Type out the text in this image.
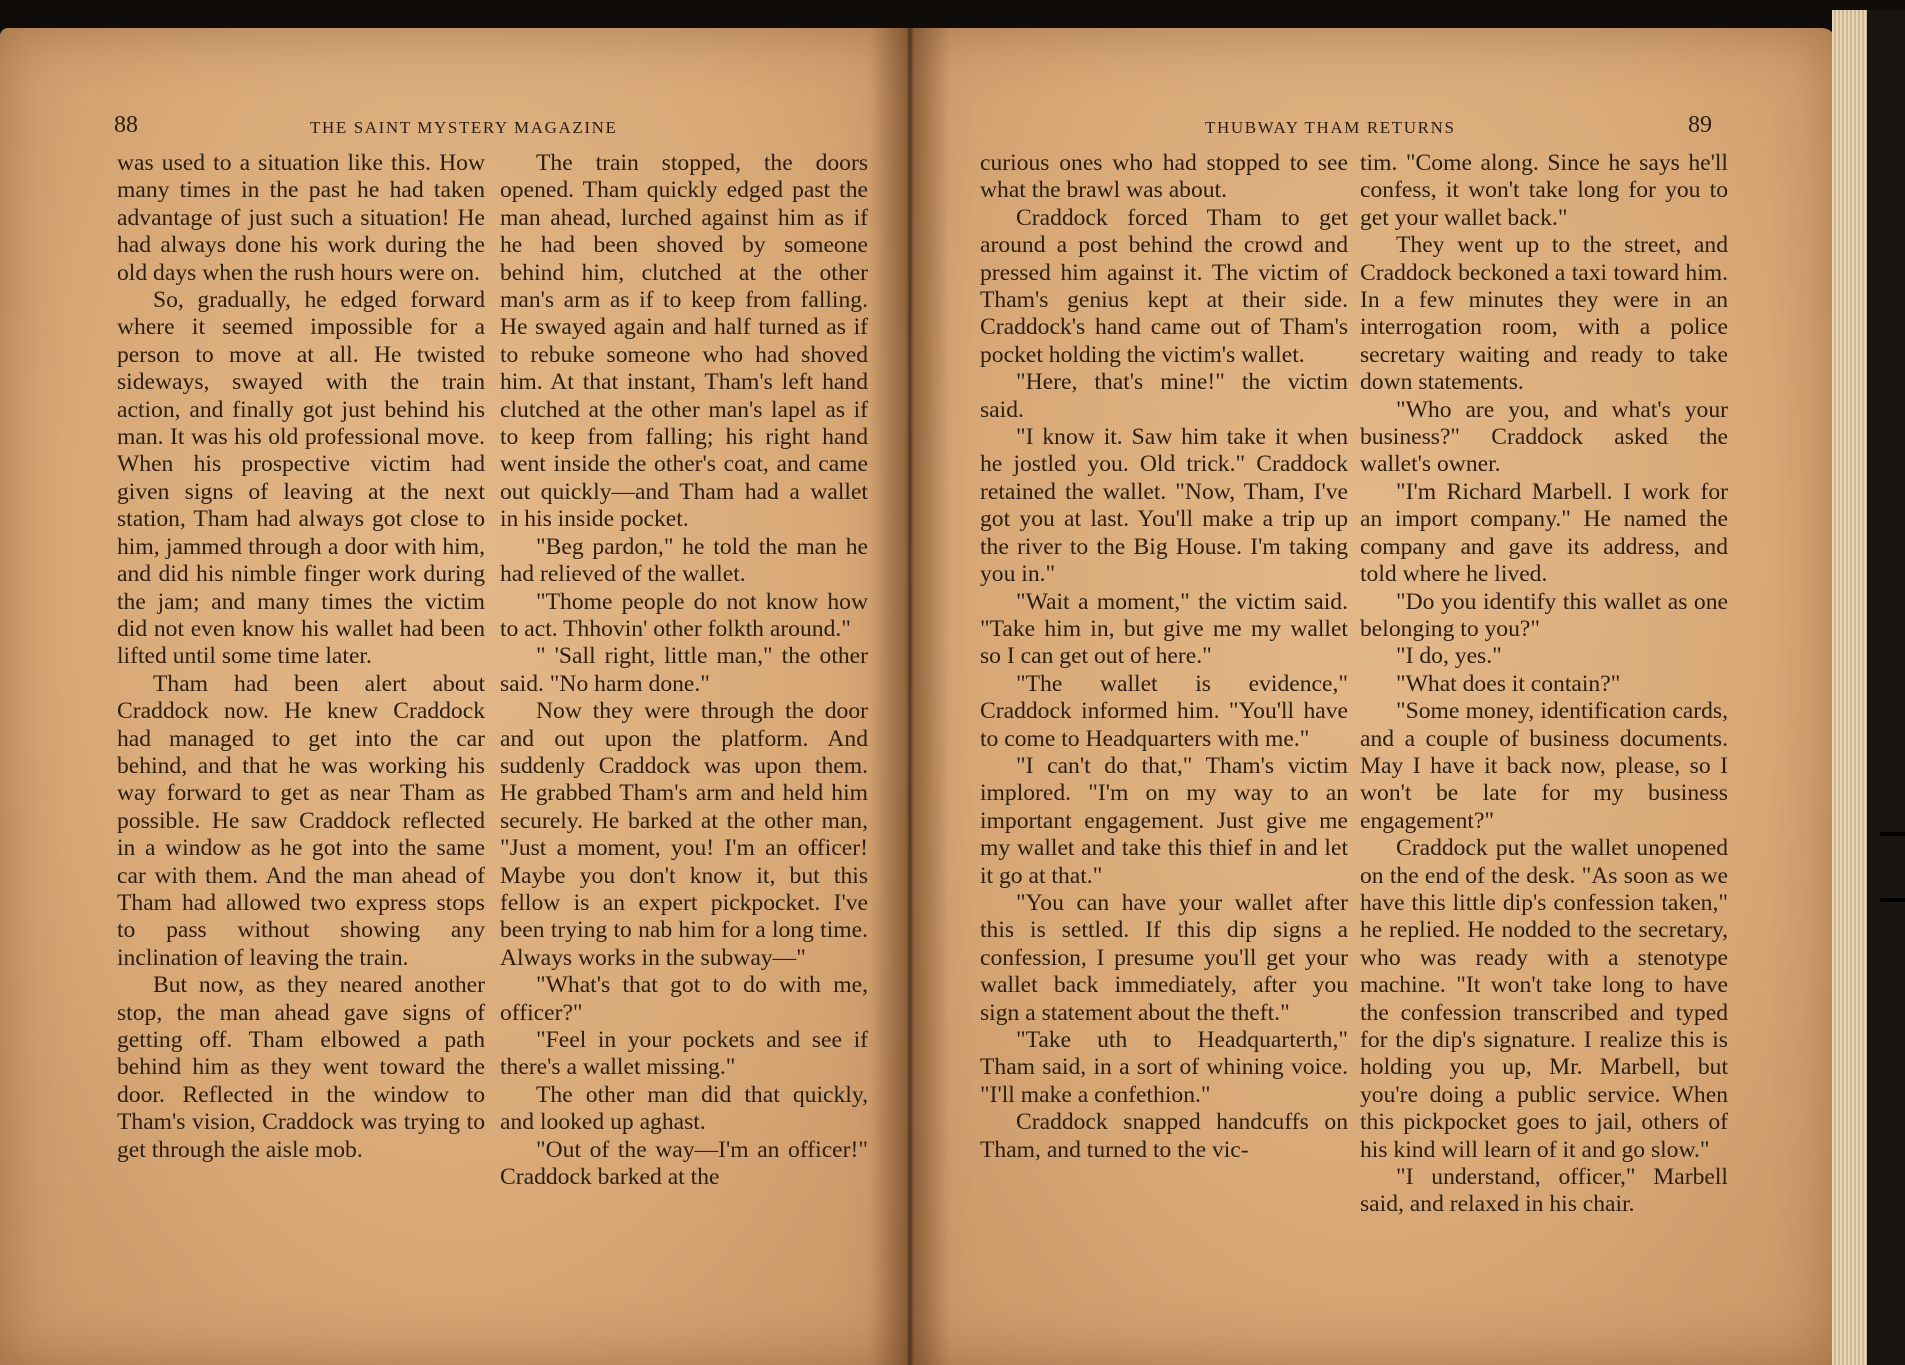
88	THE SAINT MYSTERY MAGAZINE	THUBWAY THAM RETURNS	89

was used to a situation like this. How many times in the past he had taken advantage of just such a situation! He had always done his work during the old days when the rush hours were on.

So, gradually, he edged forward where it seemed impossible for a person to move at all. He twisted sideways, swayed with the train action, and finally got just behind his man. It was his old professional move. When his prospective victim had given signs of leaving at the next station, Tham had always got close to him, jammed through a door with him, and did his nimble finger work during the jam; and many times the victim did not even know his wallet had been lifted until some time later.

Tham had been alert about Craddock now. He knew Craddock had managed to get into the car behind, and that he was working his way forward to get as near Tham as possible. He saw Craddock reflected in a window as he got into the same car with them. And the man ahead of Tham had allowed two express stops to pass without showing any inclination of leaving the train.

But now, as they neared another stop, the man ahead gave signs of getting off. Tham elbowed a path behind him as they went toward the door. Reflected in the window to Tham's vision, Craddock was trying to get through the aisle mob.

The train stopped, the doors opened. Tham quickly edged past the man ahead, lurched against him as if he had been shoved by someone behind him, clutched at the other man's arm as if to keep from falling. He swayed again and half turned as if to rebuke someone who had shoved him. At that instant, Tham's left hand clutched at the other man's lapel as if to keep from falling; his right hand went inside the other's coat, and came out quickly—and Tham had a wallet in his inside pocket.

"Beg pardon," he told the man he had relieved of the wallet.

"Thome people do not know how to act. Thhovin' other folkth around."

" 'Sall right, little man," the other said. "No harm done."

Now they were through the door and out upon the platform. And suddenly Craddock was upon them. He grabbed Tham's arm and held him securely. He barked at the other man, "Just a moment, you! I'm an officer! Maybe you don't know it, but this fellow is an expert pickpocket. I've been trying to nab him for a long time. Always works in the subway—"

"What's that got to do with me, officer?"

"Feel in your pockets and see if there's a wallet missing."

The other man did that quickly, and looked up aghast.

"Out of the way—I'm an officer!" Craddock barked at the

curious ones who had stopped to see what the brawl was about.

Craddock forced Tham to get around a post behind the crowd and pressed him against it. The victim of Tham's genius kept at their side. Craddock's hand came out of Tham's pocket holding the victim's wallet.

"Here, that's mine!" the victim said.

"I know it. Saw him take it when he jostled you. Old trick." Craddock retained the wallet. "Now, Tham, I've got you at last. You'll make a trip up the river to the Big House. I'm taking you in."

"Wait a moment," the victim said. "Take him in, but give me my wallet so I can get out of here."

"The wallet is evidence," Craddock informed him. "You'll have to come to Headquarters with me."

"I can't do that," Tham's victim implored. "I'm on my way to an important engagement. Just give me my wallet and take this thief in and let it go at that."

"You can have your wallet after this is settled. If this dip signs a confession, I presume you'll get your wallet back immediately, after you sign a statement about the theft."

"Take uth to Headquarterth," Tham said, in a sort of whining voice. "I'll make a confethion."

Craddock snapped handcuffs on Tham, and turned to the vic-

tim. "Come along. Since he says he'll confess, it won't take long for you to get your wallet back."

They went up to the street, and Craddock beckoned a taxi toward him. In a few minutes they were in an interrogation room, with a police secretary waiting and ready to take down statements.

"Who are you, and what's your business?" Craddock asked the wallet's owner.

"I'm Richard Marbell. I work for an import company." He named the company and gave its address, and told where he lived.

"Do you identify this wallet as one belonging to you?"

"I do, yes."

"What does it contain?"

"Some money, identification cards, and a couple of business documents. May I have it back now, please, so I won't be late for my business engagement?"

Craddock put the wallet unopened on the end of the desk. "As soon as we have this little dip's confession taken," he replied. He nodded to the secretary, who was ready with a stenotype machine. "It won't take long to have the confession transcribed and typed for the dip's signature. I realize this is holding you up, Mr. Marbell, but you're doing a public service. When this pickpocket goes to jail, others of his kind will learn of it and go slow."

"I understand, officer," Marbell said, and relaxed in his chair.
